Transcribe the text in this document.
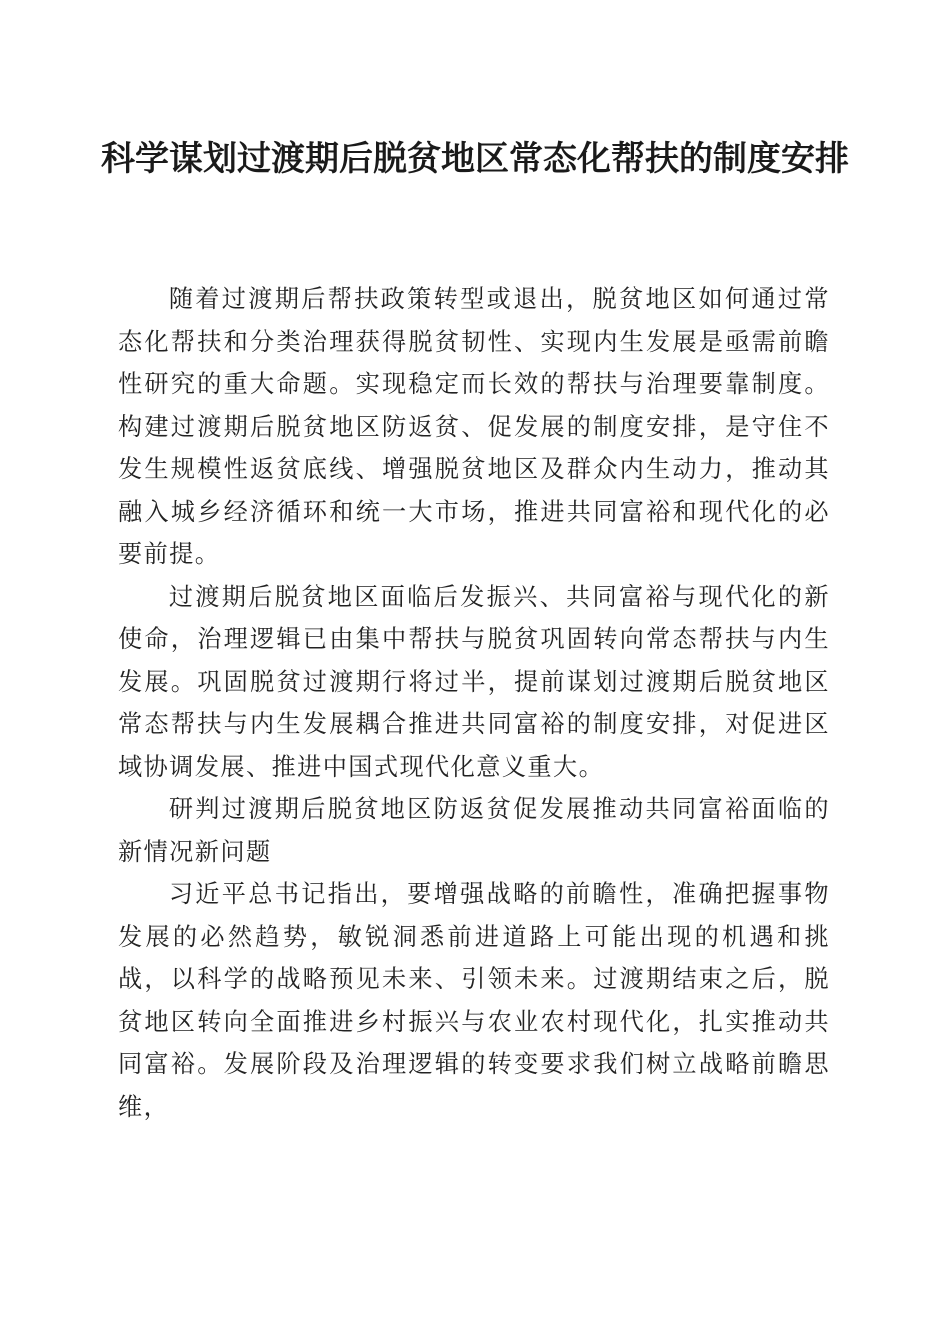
科学谋划过渡期后脱贫地区常态化帮扶的制度安排

随着过渡期后帮扶政策转型或退出，脱贫地区如何通过常态化帮扶和分类治理获得脱贫韧性、实现内生发展是亟需前瞻性研究的重大命题。实现稳定而长效的帮扶与治理要靠制度。构建过渡期后脱贫地区防返贫、促发展的制度安排，是守住不发生规模性返贫底线、增强脱贫地区及群众内生动力，推动其融入城乡经济循环和统一大市场，推进共同富裕和现代化的必要前提。

过渡期后脱贫地区面临后发振兴、共同富裕与现代化的新使命，治理逻辑已由集中帮扶与脱贫巩固转向常态帮扶与内生发展。巩固脱贫过渡期行将过半，提前谋划过渡期后脱贫地区常态帮扶与内生发展耦合推进共同富裕的制度安排，对促进区域协调发展、推进中国式现代化意义重大。

研判过渡期后脱贫地区防返贫促发展推动共同富裕面临的新情况新问题

习近平总书记指出，要增强战略的前瞻性，准确把握事物发展的必然趋势，敏锐洞悉前进道路上可能出现的机遇和挑战，以科学的战略预见未来、引领未来。过渡期结束之后，脱贫地区转向全面推进乡村振兴与农业农村现代化，扎实推动共同富裕。发展阶段及治理逻辑的转变要求我们树立战略前瞻思维，
